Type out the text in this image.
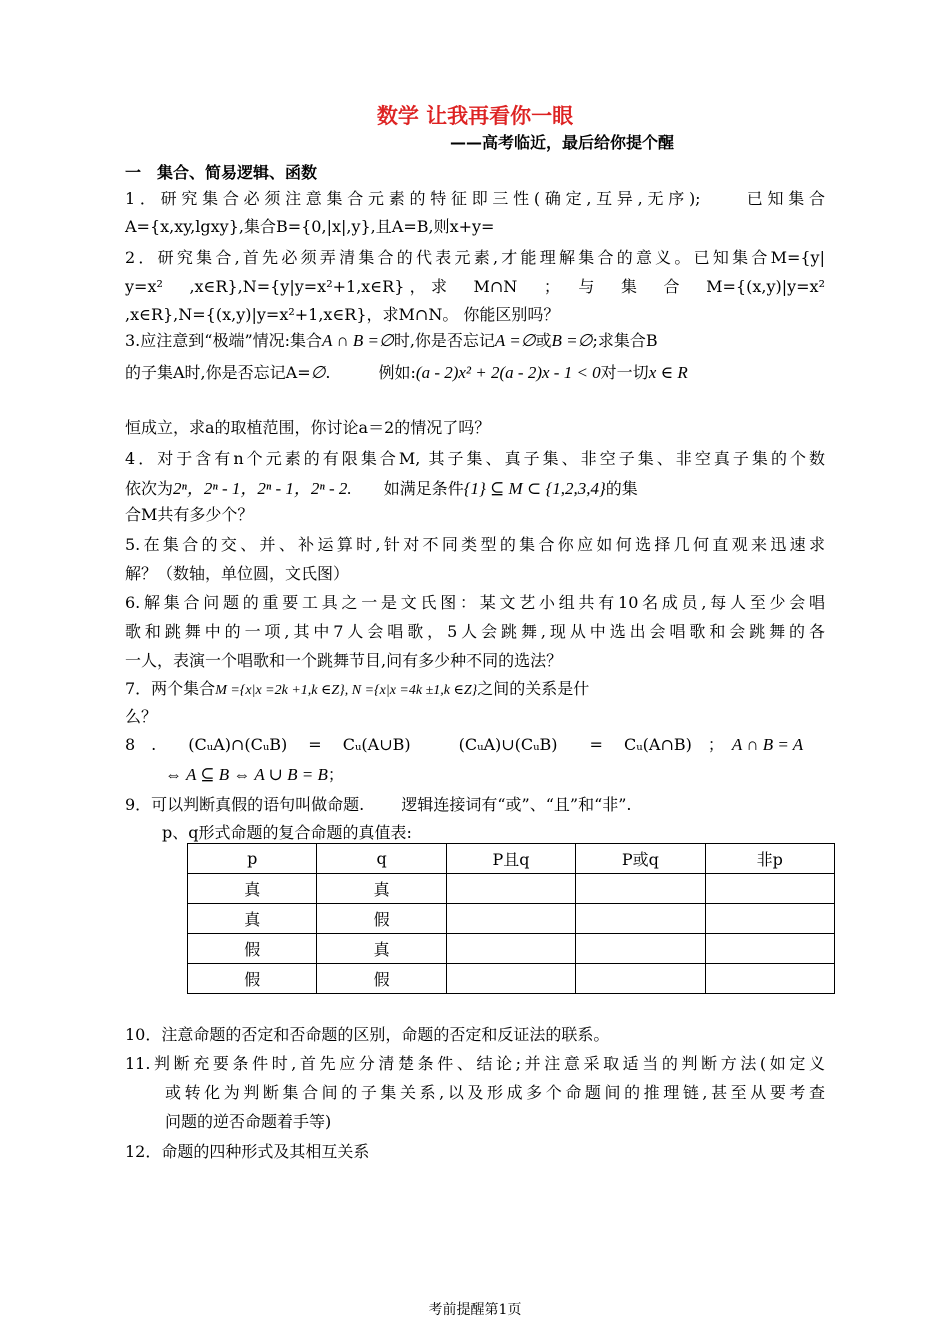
数学 让我再看你一眼
——高考临近，最后给你提个醒
一　集合、简易逻辑、函数
1．研究集合必须注意集合元素的特征即三性(确定,互异,无序);　　已知集合
A={x,xy,lgxy},集合B={0,|x|,y},且A=B,则x+y=
2．研究集合,首先必须弄清集合的代表元素,才能理解集合的意义。已知集合M={y|
y=x²　,x∈R},N={y|y=x²+1,x∈R}，求　M∩N　；　与　集　合　M={(x,y)|y=x²
,x∈R},N={(x,y)|y=x²+1,x∈R}，求M∩N。 你能区别吗？
3.应注意到“极端”情况:集合A ∩ B =∅时,你是否忘记A =∅或B =∅;求集合B
的子集A时,你是否忘记A=∅.　　　例如:(a - 2)x² + 2(a - 2)x - 1 < 0对一切x ∈ R
恒成立，求a的取植范围，你讨论a＝2的情况了吗？
4．对于含有n个元素的有限集合M, 其子集、真子集、非空子集、非空真子集的个数
依次为2ⁿ，2ⁿ - 1，2ⁿ - 1，2ⁿ - 2.　　 如满足条件{1} ⊆ M ⊂ {1,2,3,4}的集
合M共有多少个？
5.在集合的交、并、补运算时,针对不同类型的集合你应如何选择几何直观来迅速求
解？（数轴，单位圆，文氏图）
6.解集合问题的重要工具之一是文氏图：某文艺小组共有10名成员,每人至少会唱
歌和跳舞中的一项,其中7人会唱歌，5人会跳舞,现从中选出会唱歌和会跳舞的各
一人，表演一个唱歌和一个跳舞节目,问有多少种不同的选法？
7．两个集合M ={x|x =2k +1,k ∈Z}, N ={x|x =4k ±1,k ∈Z}之间的关系是什
么？
8　.　　(CᵤA)∩(CᵤB)　 = 　Cᵤ(A∪B)　　　(CᵤA)∪(CᵤB)　　=　 Cᵤ(A∩B)　；　 A ∩ B = A
⇔ A ⊆ B ⇔ A ∪ B = B；
9．可以判断真假的语句叫做命题.　　 逻辑连接词有“或”、“且”和“非”.
p、q形式命题的复合命题的真值表:
p	q	P且q	P或q	非p
真	真			
真	假			
假	真			
假	假			
10．注意命题的否定和否命题的区别，命题的否定和反证法的联系。
11.判断充要条件时,首先应分清楚条件、结论;并注意采取适当的判断方法(如定义
或转化为判断集合间的子集关系,以及形成多个命题间的推理链,甚至从要考查
问题的逆否命题着手等)
12．命题的四种形式及其相互关系
考前提醒第1页
